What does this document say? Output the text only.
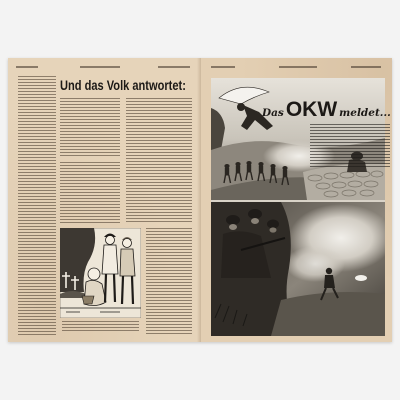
Und das Volk antwortet:
Das OKW meldet...
